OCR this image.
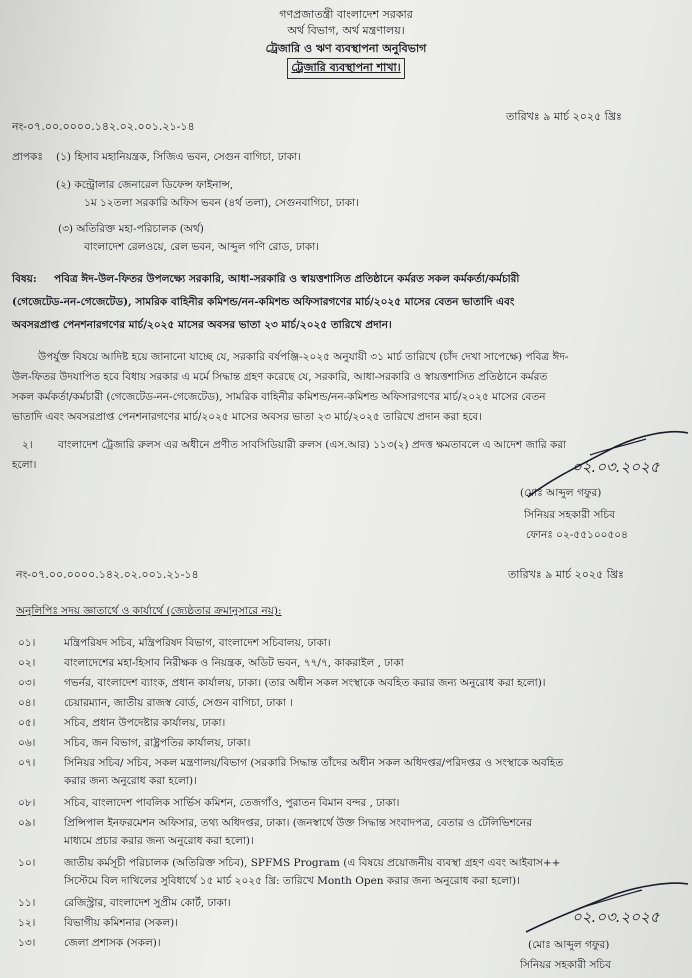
গণপ্রজাতন্ত্রী বাংলাদেশ সরকার
অর্থ বিভাগ, অর্থ মন্ত্রণালয়।
ট্রেজারি ও ঋণ ব্যবস্থাপনা অনুবিভাগ
ট্রেজারি ব্যবস্থাপনা শাখা।
নং-০৭.০০.০০০০.১৪২.০২.০০১.২১-১৪
তারিখঃ ৯ মার্চ ২০২৫ খ্রিঃ
প্রাপকঃ (১) হিসাব মহানিয়ন্ত্রক, সিজিএ ভবন, সেগুন বাগিচা, ঢাকা।
(২) কন্ট্রোলার জেনারেল ডিফেন্স ফাইনান্স,
১ম ১২তলা সরকারি অফিস ভবন (৪র্থ তলা), সেগুনবাগিচা, ঢাকা।
(৩) অতিরিক্ত মহা-পরিচালক (অর্থ)
বাংলাদেশ রেলওয়ে, রেল ভবন, আব্দুল গণি রোড, ঢাকা।
বিষয়: পবিত্র ঈদ-উল-ফিতর উপলক্ষ্যে সরকারি, আধা-সরকারি ও স্বায়ত্তশাসিত প্রতিষ্ঠানে কর্মরত সকল কর্মকর্তা/কর্মচারী
(গেজেটেড-নন-গেজেটেড), সামরিক বাহিনীর কমিশন্ড/নন-কমিশন্ড অফিসারগণের মার্চ/২০২৫ মাসের বেতন ভাতাদি এবং
অবসরপ্রাপ্ত পেনশনারগণের মার্চ/২০২৫ মাসের অবসর ভাতা ২৩ মার্চ/২০২৫ তারিখে প্রদান।
উপর্যুক্ত বিষয়ে আদিষ্ট হয়ে জানানো যাচ্ছে যে, সরকারি বর্ষপঞ্জি-২০২৫ অনুযায়ী ৩১ মার্চ তারিখে (চাঁদ দেখা সাপেক্ষে) পবিত্র ঈদ-
উল-ফিতর উদযাপিত হবে বিধায় সরকার এ মর্মে সিদ্ধান্ত গ্রহণ করেছে যে, সরকারি, আধা-সরকারি ও স্বায়ত্তশাসিত প্রতিষ্ঠানে কর্মরত
সকল কর্মকর্তা/কর্মচারী (গেজেটেড-নন-গেজেটেড), সামরিক বাহিনীর কমিশন্ড/নন-কমিশন্ড অফিসারগণের মার্চ/২০২৫ মাসের বেতন
ভাতাদি এবং অবসরপ্রাপ্ত পেনশনারগণের মার্চ/২০২৫ মাসের অবসর ভাতা ২৩ মার্চ/২০২৫ তারিখে প্রদান করা হবে।
২। বাংলাদেশ ট্রেজারি রুলস এর অধীনে প্রণীত সাবসিডিয়ারী রুলস (এস.আর) ১১৩(২) প্রদত্ত ক্ষমতাবলে এ আদেশ জারি করা
হলো।	০২.০৩.২০২৫
(মোঃ আব্দুল গফুর)
সিনিয়র সহকারী সচিব
ফোনঃ ০২-৫৫১০০৫০৪
নং-০৭.০০.০০০০.১৪২.০২.০০১.২১-১৪	তারিখঃ ৯ মার্চ ২০২৫ খ্রিঃ
অনুলিপিঃ সদয় জ্ঞাতার্থে ও কার্যার্থে (জ্যেষ্ঠতার ক্রমানুসারে নয়):
০১।	মন্ত্রিপরিষদ সচিব, মন্ত্রিপরিষদ বিভাগ, বাংলাদেশ সচিবালয়, ঢাকা।
০২।	বাংলাদেশের মহা-হিসাব নিরীক্ষক ও নিয়ন্ত্রক, অডিট ভবন, ৭৭/৭, কাকরাইল , ঢাকা
০৩।	গভর্নর, বাংলাদেশ ব্যাংক, প্রধান কার্যালয়, ঢাকা। (তার অধীন সকল সংস্থাকে অবহিত করার জন্য অনুরোধ করা হলো)।
০৪।	চেয়ারম্যান, জাতীয় রাজস্ব বোর্ড, সেগুন বাগিচা, ঢাকা ।
০৫।	সচিব, প্রধান উপদেষ্টার কার্যালয়, ঢাকা।
০৬।	সচিব, জন বিভাগ, রাষ্ট্রপতির কার্যালয়, ঢাকা।
০৭।	সিনিয়র সচিব/ সচিব, সকল মন্ত্রণালয়/বিভাগ (সরকারি সিদ্ধান্ত তাঁদের অধীন সকল অধিদপ্তর/পরিদপ্তর ও সংস্থাকে অবহিত
করার জন্য অনুরোধ করা হলো)।
০৮।	সচিব, বাংলাদেশ পাবলিক সার্ভিস কমিশন, তেজগাঁও, পুরাতন বিমান বন্দর , ঢাকা।
০৯।	প্রিন্সিপাল ইনফরমেশন অফিসার, তথ্য অধিদপ্তর, ঢাকা। (জনস্বার্থে উক্ত সিদ্ধান্ত সংবাদপত্র, বেতার ও টেলিভিশনের
মাধ্যমে প্রচার করার জন্য অনুরোধ করা হলো)।
১০।	জাতীয় কর্মসূচী পরিচালক (অতিরিক্ত সচিব), SPFMS Program (এ বিষয়ে প্রয়োজনীয় ব্যবস্থা গ্রহণ এবং আইবাস++
সিস্টেমে বিল দাখিলের সুবিধার্থে ১৫ মার্চ ২০২৫ খ্রি: তারিখে Month Open করার জন্য অনুরোধ করা হলো)।
১১।	রেজিস্ট্রার, বাংলাদেশ সুপ্রীম কোর্ট, ঢাকা।
১২।	বিভাগীয় কমিশনার (সকল)।
১৩।	জেলা প্রশাসক (সকল)।
০২.০৩.২০২৫
(মোঃ আব্দুল গফুর)
সিনিয়র সহকারী সচিব
